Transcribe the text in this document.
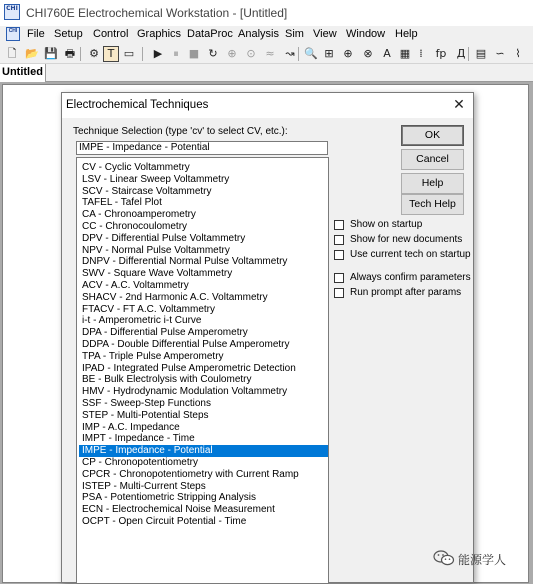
CHI CHI760E Electrochemical Workstation - [Untitled]
CHI File Setup Control Graphics DataProc Analysis Sim View Window Help
🗋 📂 💾 🖶 ⚙ T ▭	▶	⏸ ■ ↻ ⊕ ⊙ ≈ ↝ 🔍 ⊞ ⊕ ⊗ A ▦ ⁞	fp Д ▤ ∽ ⌇
Untitled
Electrochemical Techniques	✕
Technique Selection (type 'cv' to select CV, etc.):
IMPE - Impedance - Potential
CV - Cyclic Voltammetry
LSV - Linear Sweep Voltammetry
SCV - Staircase Voltammetry
TAFEL - Tafel Plot
CA - Chronoamperometry
CC - Chronocoulometry
DPV - Differential Pulse Voltammetry
NPV - Normal Pulse Voltammetry
DNPV - Differential Normal Pulse Voltammetry
SWV - Square Wave Voltammetry
ACV - A.C. Voltammetry
SHACV - 2nd Harmonic A.C. Voltammetry
FTACV - FT A.C. Voltammetry
i-t - Amperometric i-t Curve
DPA - Differential Pulse Amperometry
DDPA - Double Differential Pulse Amperometry
TPA - Triple Pulse Amperometry
IPAD - Integrated Pulse Amperometric Detection
BE - Bulk Electrolysis with Coulometry
HMV - Hydrodynamic Modulation Voltammetry
SSF - Sweep-Step Functions
STEP - Multi-Potential Steps
IMP - A.C. Impedance
IMPT - Impedance - Time
IMPE - Impedance - Potential
CP - Chronopotentiometry
CPCR - Chronopotentiometry with Current Ramp
ISTEP - Multi-Current Steps
PSA - Potentiometric Stripping Analysis
ECN - Electrochemical Noise Measurement
OCPT - Open Circuit Potential - Time
OK
Cancel
Help
Tech Help
Show on startup
Show for new documents
Use current tech on startup
Always confirm parameters
Run prompt after params
能源学人
